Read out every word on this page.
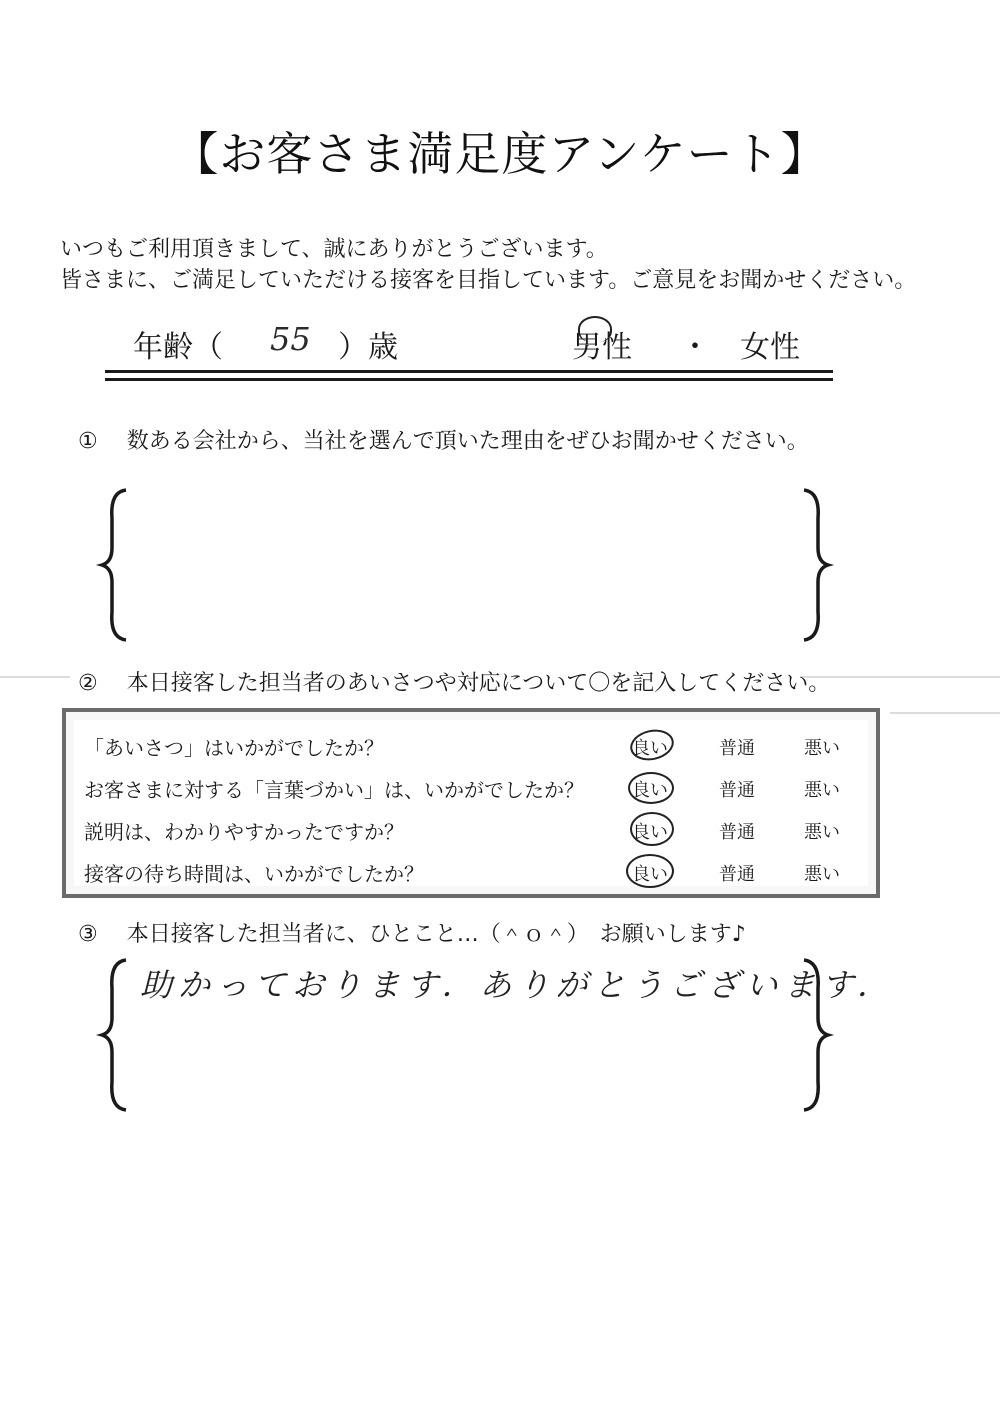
【お客さま満足度アンケート】
いつもご利用頂きまして、誠にありがとうございます。
皆さまに、ご満足していただける接客を目指しています。ご意見をお聞かせください。
年齢（ 55 ）歳	男性 ・ 女性
①　 数ある会社から、当社を選んで頂いた理由をぜひお聞かせください。
②　 本日接客した担当者のあいさつや対応について〇を記入してください。
「あいさつ」はいかがでしたか？	良い	普通	悪い
お客さまに対する「言葉づかい」は、いかがでしたか？	良い	普通	悪い
説明は、わかりやすかったですか？	良い	普通	悪い
接客の待ち時間は、いかがでしたか？	良い	普通	悪い
③　 本日接客した担当者に、ひとこと…（＾ｏ＾）　お願いします♪
助かっております．ありがとうございます．
